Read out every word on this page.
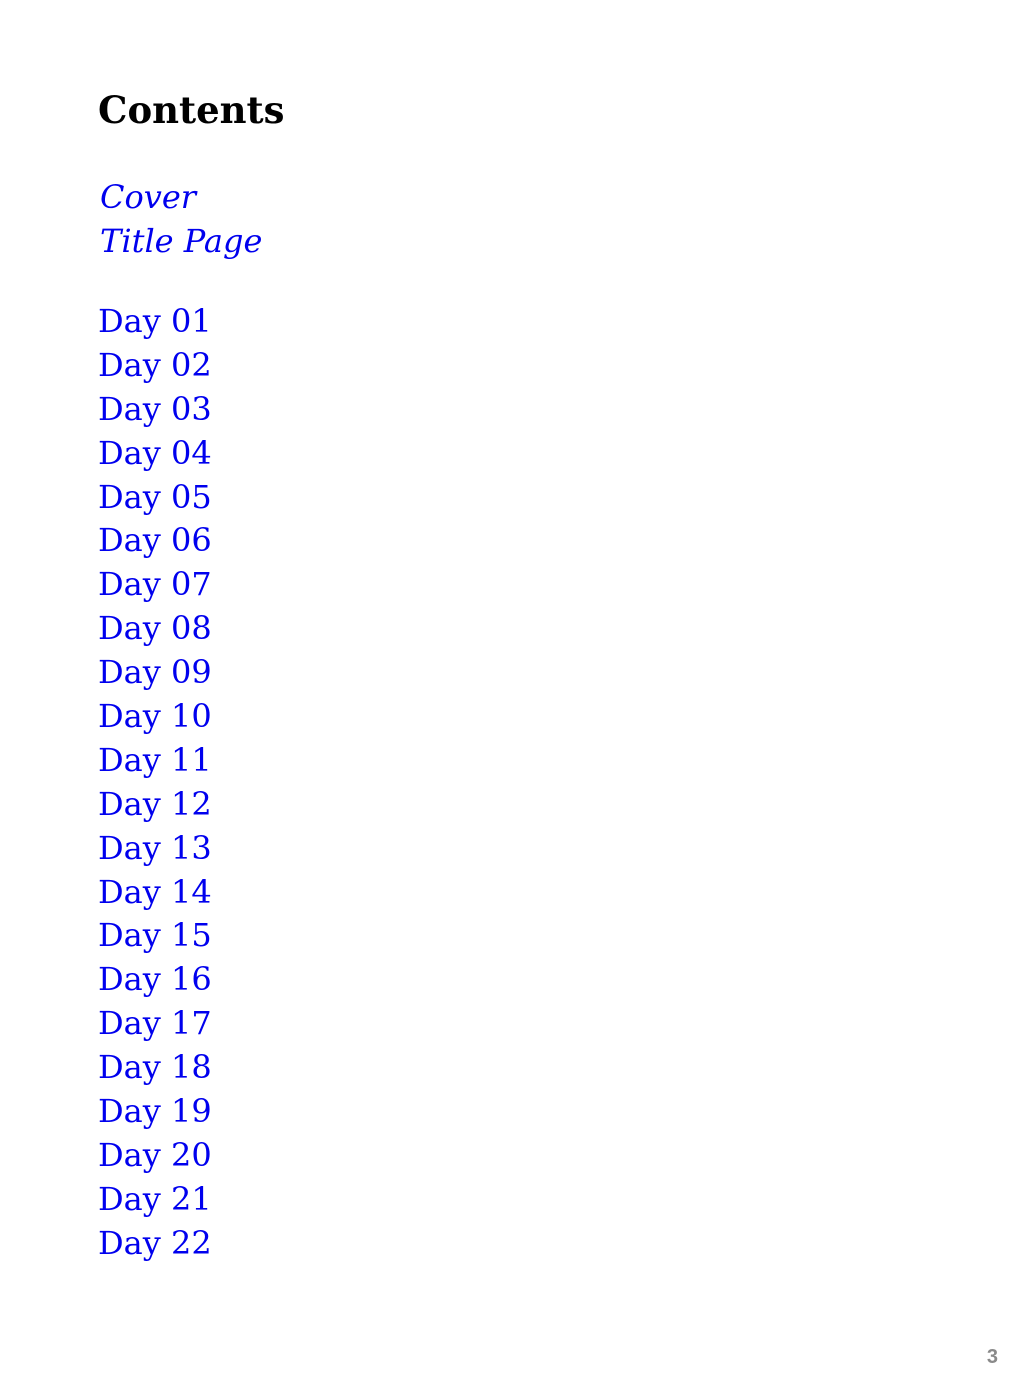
Contents
Cover
Title Page
Day 01
Day 02
Day 03
Day 04
Day 05
Day 06
Day 07
Day 08
Day 09
Day 10
Day 11
Day 12
Day 13
Day 14
Day 15
Day 16
Day 17
Day 18
Day 19
Day 20
Day 21
Day 22
3
